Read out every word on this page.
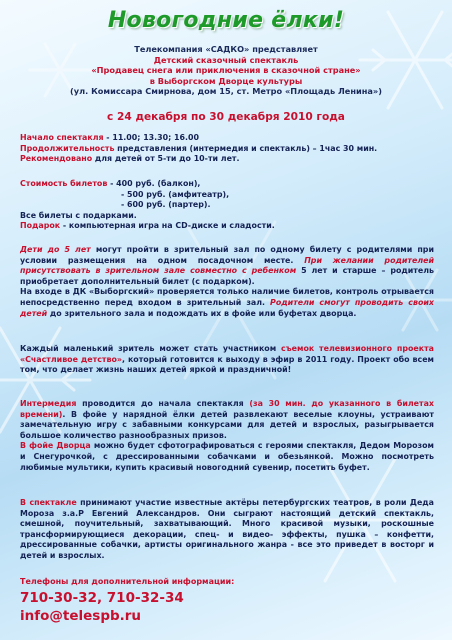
Новогодние ёлки!
Телекомпания «САДКО» представляет
Детский сказочный спектакль
«Продавец снега или приключения в сказочной стране»
в Выборгском Дворце культуры
(ул. Комиссара Смирнова, дом 15, ст. Метро «Площадь Ленина»)
с 24 декабря по 30 декабря 2010 года

Начало спектакля - 11.00; 13.30; 16.00

Продолжительность представления (интермедия и спектакль) – 1час 30 мин.

Рекомендовано для детей от 5-ти до 10-ти лет.

Стоимость билетов - 400 руб. (балкон),

- 500 руб. (амфитеатр),

- 600 руб. (партер).

Все билеты с подарками.

Подарок - компьютерная игра на CD-диске и сладости.

Дети до 5 лет могут пройти в зрительный зал по одному билету с родителями при условии размещения на одном посадочном месте. При желании родителей присутствовать в зрительном зале совместно с ребенком 5 лет и старше – родитель приобретает дополнительный билет (с подарком).

На входе в ДК «Выборгский» проверяется только наличие билетов, контроль отрывается непосредственно перед входом в зрительный зал. Родители смогут проводить своих детей до зрительного зала и подождать их в фойе или буфетах дворца.

Каждый маленький зритель может стать участником съемок телевизионного проекта «Счастливое детство», который готовится к выходу в эфир в 2011 году. Проект обо всем том, что делает жизнь наших детей яркой и праздничной!

Интермедия проводится до начала спектакля (за 30 мин. до указанного в билетах времени). В фойе у нарядной ёлки детей развлекают веселые клоуны, устраивают замечательную игру с забавными конкурсами для детей и взрослых, разыгрывается большое количество разнообразных призов.

В фойе Дворца можно будет сфотографироваться с героями спектакля, Дедом Морозом и Снегурочкой, с дрессированными собачками и обезьянкой. Можно посмотреть любимые мультики, купить красивый новогодний сувенир, посетить буфет.

В спектакле принимают участие известные актёры петербургских театров, в роли Деда Мороза з.а.Р Евгений Александров. Они сыграют настоящий детский спектакль, смешной, поучительный, захватывающий. Много красивой музыки, роскошные трансформирующиеся декорации, спец- и видео- эффекты, пушка – конфетти, дрессированные собачки, артисты оригинального жанра - все это приведет в восторг и детей и взрослых.

Телефоны для дополнительной информации:
710-30-32, 710-32-34
info@telespb.ru
